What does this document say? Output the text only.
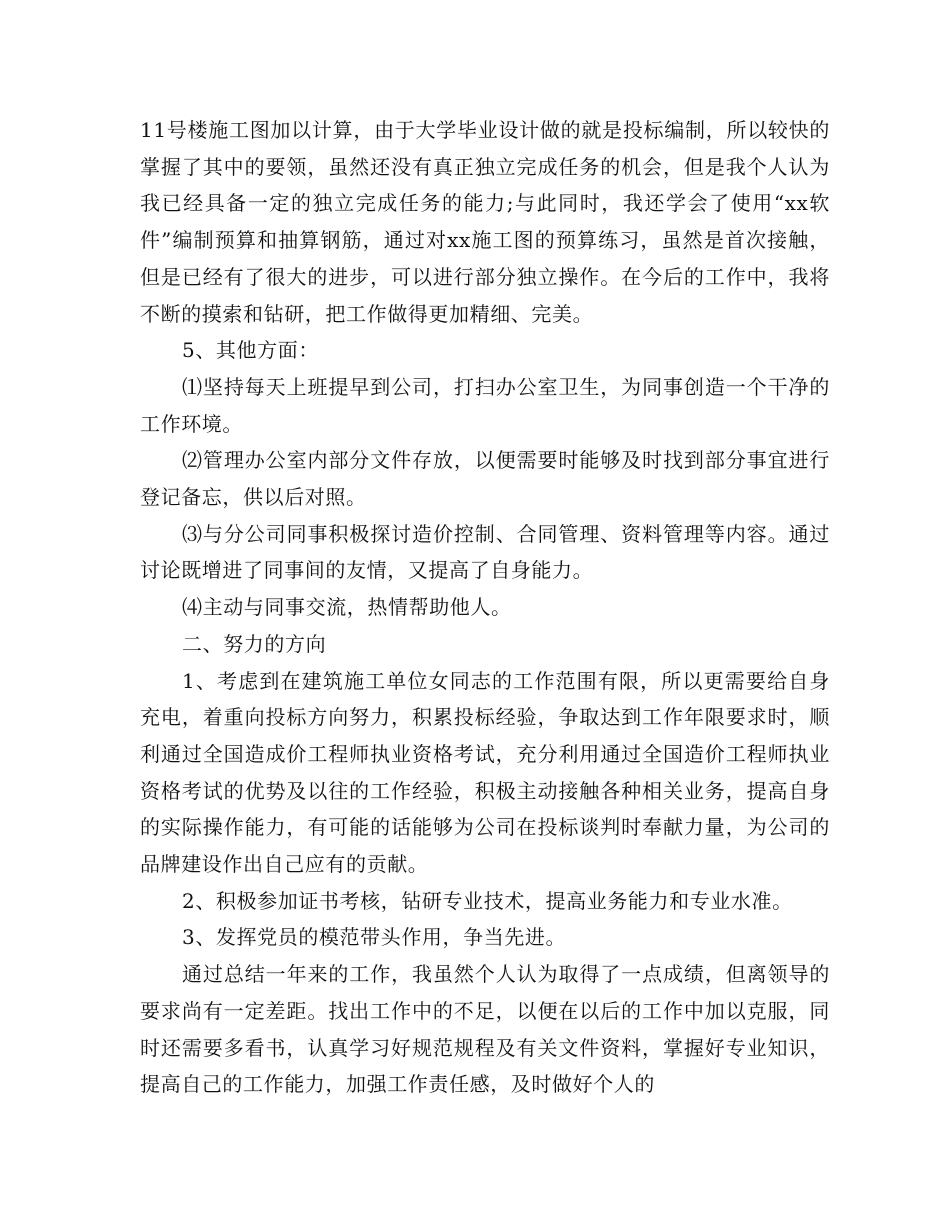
11号楼施工图加以计算，由于大学毕业设计做的就是投标编制，所以较快的掌握了其中的要领，虽然还没有真正独立完成任务的机会，但是我个人认为我已经具备一定的独立完成任务的能力;与此同时，我还学会了使用“xx软件”编制预算和抽算钢筋，通过对xx施工图的预算练习，虽然是首次接触，但是已经有了很大的进步，可以进行部分独立操作。在今后的工作中，我将不断的摸索和钻研，把工作做得更加精细、完美。

5、其他方面：

⑴坚持每天上班提早到公司，打扫办公室卫生，为同事创造一个干净的工作环境。

⑵管理办公室内部分文件存放，以便需要时能够及时找到部分事宜进行登记备忘，供以后对照。

⑶与分公司同事积极探讨造价控制、合同管理、资料管理等内容。通过讨论既增进了同事间的友情，又提高了自身能力。

⑷主动与同事交流，热情帮助他人。

二、努力的方向

1、考虑到在建筑施工单位女同志的工作范围有限，所以更需要给自身充电，着重向投标方向努力，积累投标经验，争取达到工作年限要求时，顺利通过全国造成价工程师执业资格考试，充分利用通过全国造价工程师执业资格考试的优势及以往的工作经验，积极主动接触各种相关业务，提高自身的实际操作能力，有可能的话能够为公司在投标谈判时奉献力量，为公司的品牌建设作出自己应有的贡献。

2、积极参加证书考核，钻研专业技术，提高业务能力和专业水准。

3、发挥党员的模范带头作用，争当先进。

通过总结一年来的工作，我虽然个人认为取得了一点成绩，但离领导的要求尚有一定差距。找出工作中的不足，以便在以后的工作中加以克服，同时还需要多看书，认真学习好规范规程及有关文件资料，掌握好专业知识，提高自己的工作能力，加强工作责任感，及时做好个人的
